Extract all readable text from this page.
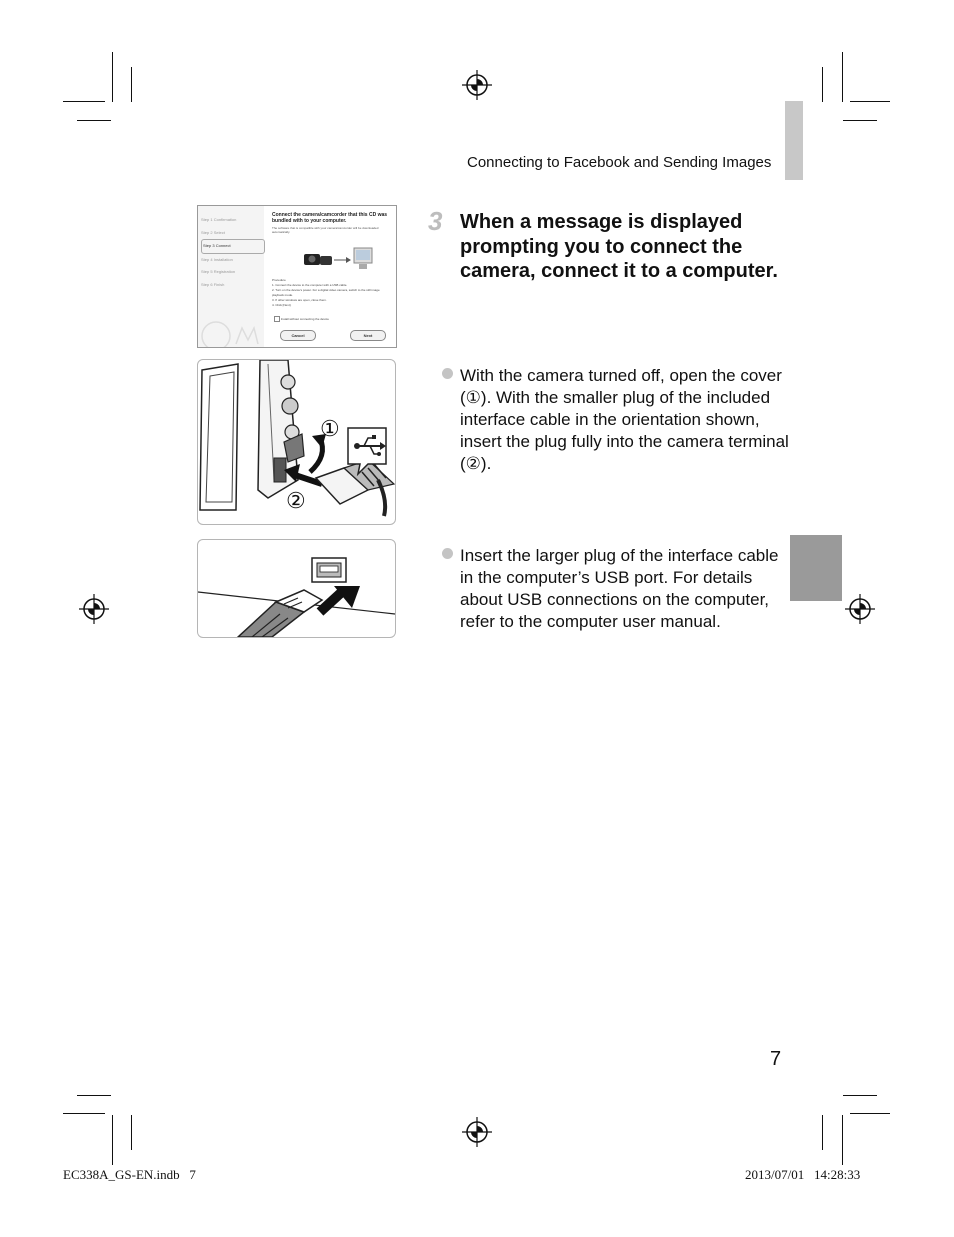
Connecting to Facebook and Sending Images
Step 1 Confirmation
Step 2 Select
Step 3 Connect
Step 4 Installation
Step 5 Registration
Step 6 Finish
Connect the camera/camcorder that this CD was bundled with to your computer.
The software that is compatible with your camera/camcorder will be downloaded automatically.
Procedure
1. Connect the device to the computer with a USB cable.
2. Turn on the device's power. For a digital video camera, switch to the still image playback mode.
3. If other windows are open, close them.
4. Click [Next].
Install without connecting the device
Cancel	Next
①
②
3 When a message is displayed prompting you to connect the camera, connect it to a computer.
With the camera turned off, open the cover (①). With the smaller plug of the included interface cable in the orientation shown, insert the plug fully into the camera terminal (②).
Insert the larger plug of the interface cable in the computer’s USB port. For details about USB connections on the computer, refer to the computer user manual.
7
EC338A_GS-EN.indb   7	2013/07/01   14:28:33
